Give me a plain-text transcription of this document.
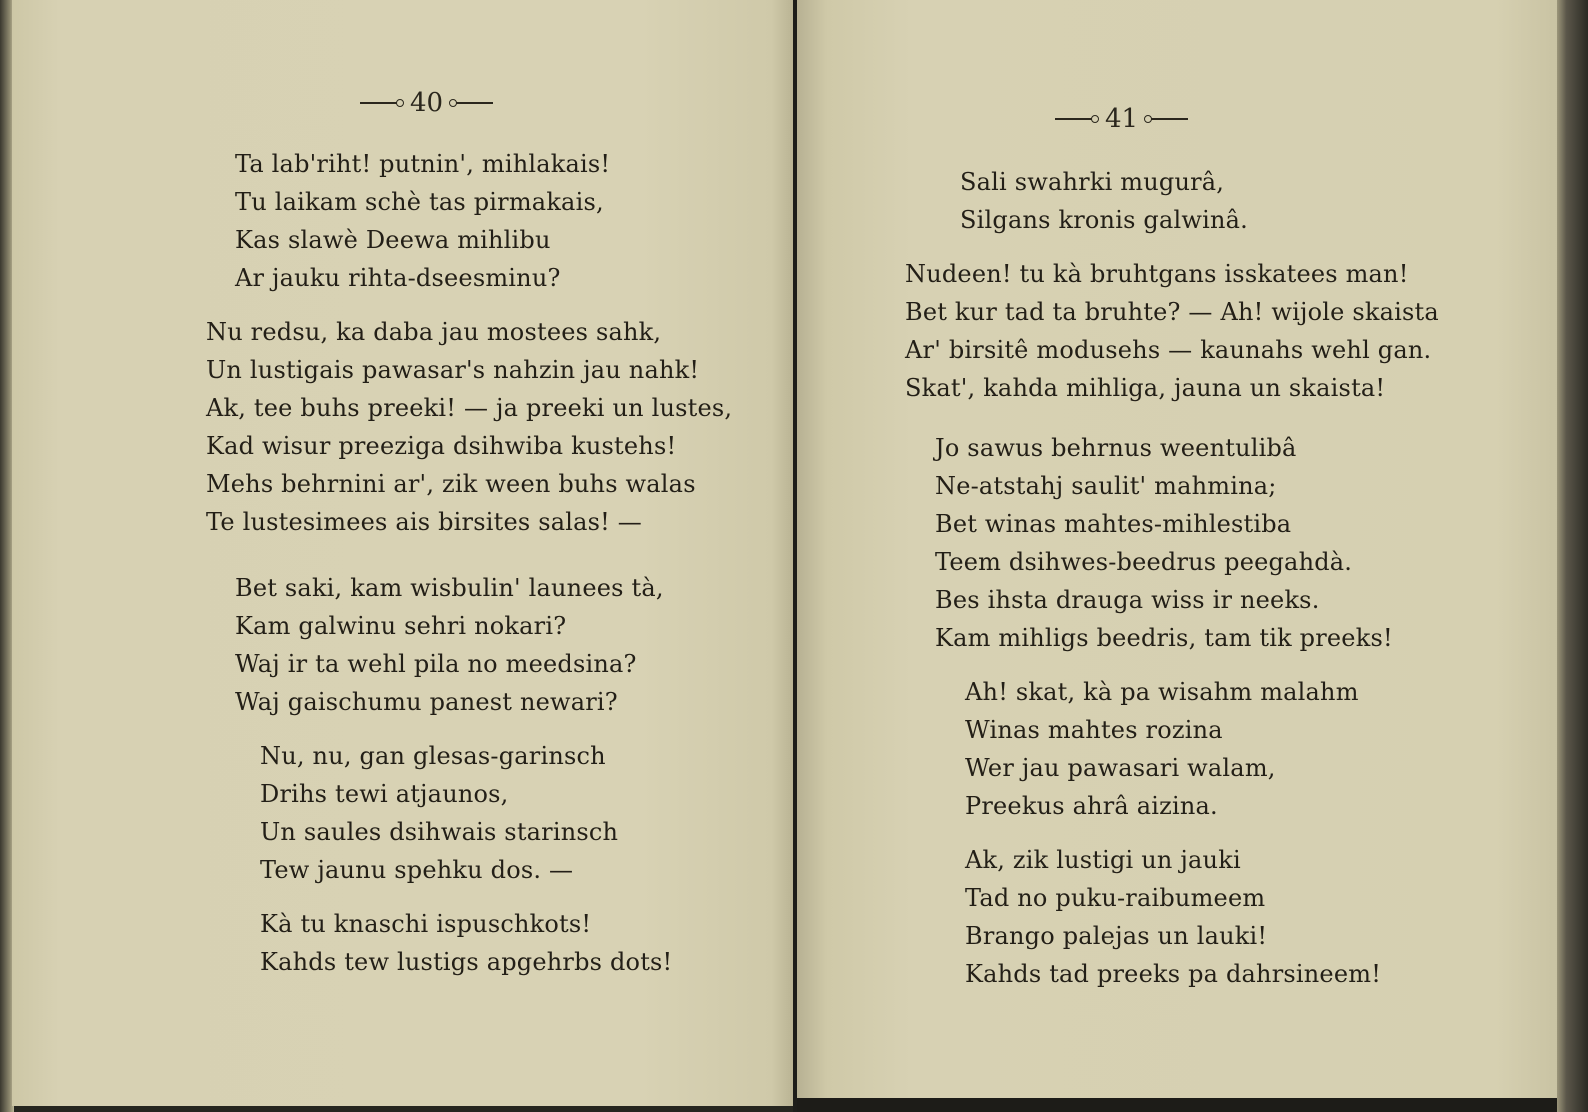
40
Ta lab'riht! putnin', mihlakais!
Tu laikam schè tas pirmakais,
Kas slawè Deewa mihlibu
Ar jauku rihta-dseesminu?
Nu redsu, ka daba jau mostees sahk,
Un lustigais pawasar's nahzin jau nahk!
Ak, tee buhs preeki! — ja preeki un lustes,
Kad wisur preeziga dsihwiba kustehs!
Mehs behrnini ar', zik ween buhs walas
Te lustesimees ais birsites salas! —
Bet saki, kam wisbulin' launees tà,
Kam galwinu sehri nokari?
Waj ir ta wehl pila no meedsina?
Waj gaischumu panest newari?
Nu, nu, gan glesas-garinsch
Drihs tewi atjaunos,
Un saules dsihwais starinsch
Tew jaunu spehku dos. —
Kà tu knaschi ispuschkots!
Kahds tew lustigs apgehrbs dots!
41
Sali swahrki mugurâ,
Silgans kronis galwinâ.
Nudeen! tu kà bruhtgans isskatees man!
Bet kur tad ta bruhte? — Ah! wijole skaista
Ar' birsitê modusehs — kaunahs wehl gan.
Skat', kahda mihliga, jauna un skaista!
Jo sawus behrnus weentulibâ
Ne-atstahj saulit' mahmina;
Bet winas mahtes-mihlestiba
Teem dsihwes-beedrus peegahdà.
Bes ihsta drauga wiss ir neeks.
Kam mihligs beedris, tam tik preeks!
Ah! skat, kà pa wisahm malahm
Winas mahtes rozina
Wer jau pawasari walam,
Preekus ahrâ aizina.
Ak, zik lustigi un jauki
Tad no puku-raibumeem
Brango palejas un lauki!
Kahds tad preeks pa dahrsineem!
